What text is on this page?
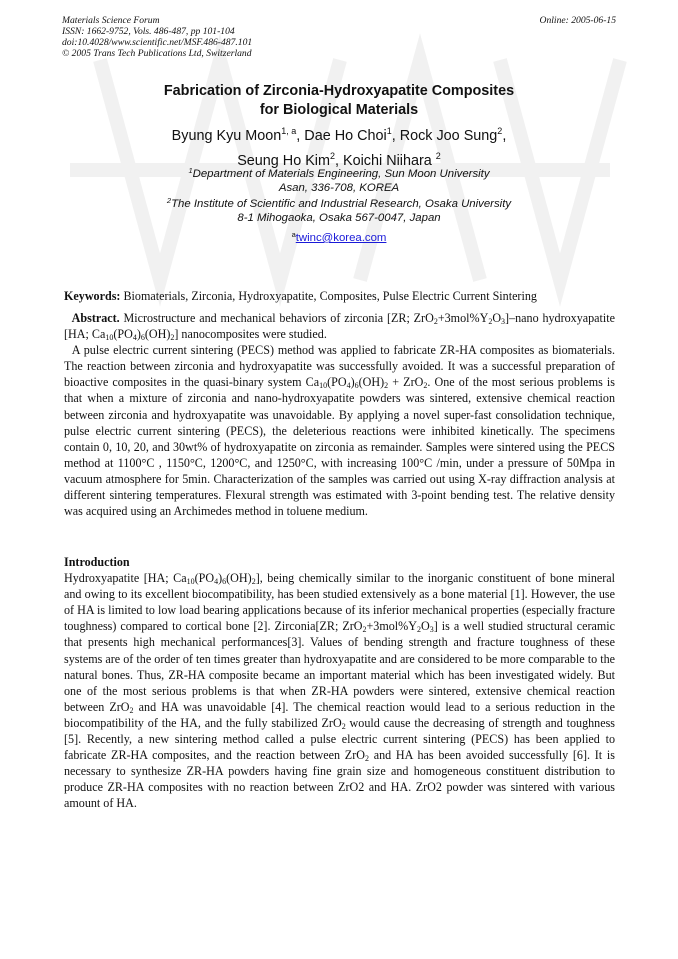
Materials Science Forum
ISSN: 1662-9752, Vols. 486-487, pp 101-104
doi:10.4028/www.scientific.net/MSF.486-487.101
© 2005 Trans Tech Publications Ltd, Switzerland
Online: 2005-06-15
Fabrication of Zirconia-Hydroxyapatite Composites
for Biological Materials
Byung Kyu Moon$^{1, a}$, Dae Ho Choi$^1$, Rock Joo Sung$^2$,
Seung Ho Kim$^2$, Koichi Niihara $^2$
$^1$Department of Materials Engineering, Sun Moon University
Asan, 336-708, KOREA
$^2$The Institute of Scientific and Industrial Research, Osaka University
8-1 Mihogaoka, Osaka 567-0047, Japan
$^a$twinc@korea.com
Keywords: Biomaterials, Zirconia, Hydroxyapatite, Composites, Pulse Electric Current Sintering

Abstract. Microstructure and mechanical behaviors of zirconia [ZR; $ZrO_2+3mol\%Y_2O_3$]–nano hydroxyapatite [HA; $Ca_{10}(PO_4)_6(OH)_2$] nanocomposites were studied.

A pulse electric current sintering (PECS) method was applied to fabricate ZR-HA composites as biomaterials. The reaction between zirconia and hydroxyapatite was successfully avoided. It was a successful preparation of bioactive composites in the quasi-binary system $Ca_{10}(PO_4)_6(OH)_2 + ZrO_2$. One of the most serious problems is that when a mixture of zirconia and nano-hydroxyapatite powders was sintered, extensive chemical reaction between zirconia and hydroxyapatite was unavoidable. By applying a novel super-fast consolidation technique, pulse electric current sintering (PECS), the deleterious reactions were inhibited kinetically. The specimens contain 0, 10, 20, and 30wt% of hydroxyapatite on zirconia as remainder. Samples were sintered using the PECS method at 1100°C , 1150°C, 1200°C, and 1250°C, with increasing 100°C /min, under a pressure of 50Mpa in vacuum atmosphere for 5min. Characterization of the samples was carried out using X-ray diffraction analysis at different sintering temperatures. Flexural strength was estimated with 3-point bending test. The relative density was acquired using an Archimedes method in toluene medium.

Introduction

Hydroxyapatite [HA; $Ca_{10}(PO_4)_6(OH)_2$], being chemically similar to the inorganic constituent of bone mineral and owing to its excellent biocompatibility, has been studied extensively as a bone material [1]. However, the use of HA is limited to low load bearing applications because of its inferior mechanical properties (especially fracture toughness) compared to cortical bone [2]. Zirconia[ZR; $ZrO_2+3mol\%Y_2O_3$] is a well studied structural ceramic that presents high mechanical performances[3]. Values of bending strength and fracture toughness of these systems are of the order of ten times greater than hydroxyapatite and are considered to be more comparable to the natural bones. Thus, ZR-HA composite became an important material which has been investigated widely. But one of the most serious problems is that when ZR-HA powders were sintered, extensive chemical reaction between ZrO$_2$ and HA was unavoidable [4]. The chemical reaction would lead to a serious reduction in the biocompatibility of the HA, and the fully stabilized ZrO$_2$ would cause the decreasing of strength and toughness [5]. Recently, a new sintering method called a pulse electric current sintering (PECS) has been applied to fabricate ZR-HA composites, and the reaction between ZrO$_2$ and HA has been avoided successfully [6]. It is necessary to synthesize ZR-HA powders having fine grain size and homogeneous constituent distribution to produce ZR-HA composites with no reaction between ZrO2 and HA. ZrO2 powder was sintered with various amount of HA.
